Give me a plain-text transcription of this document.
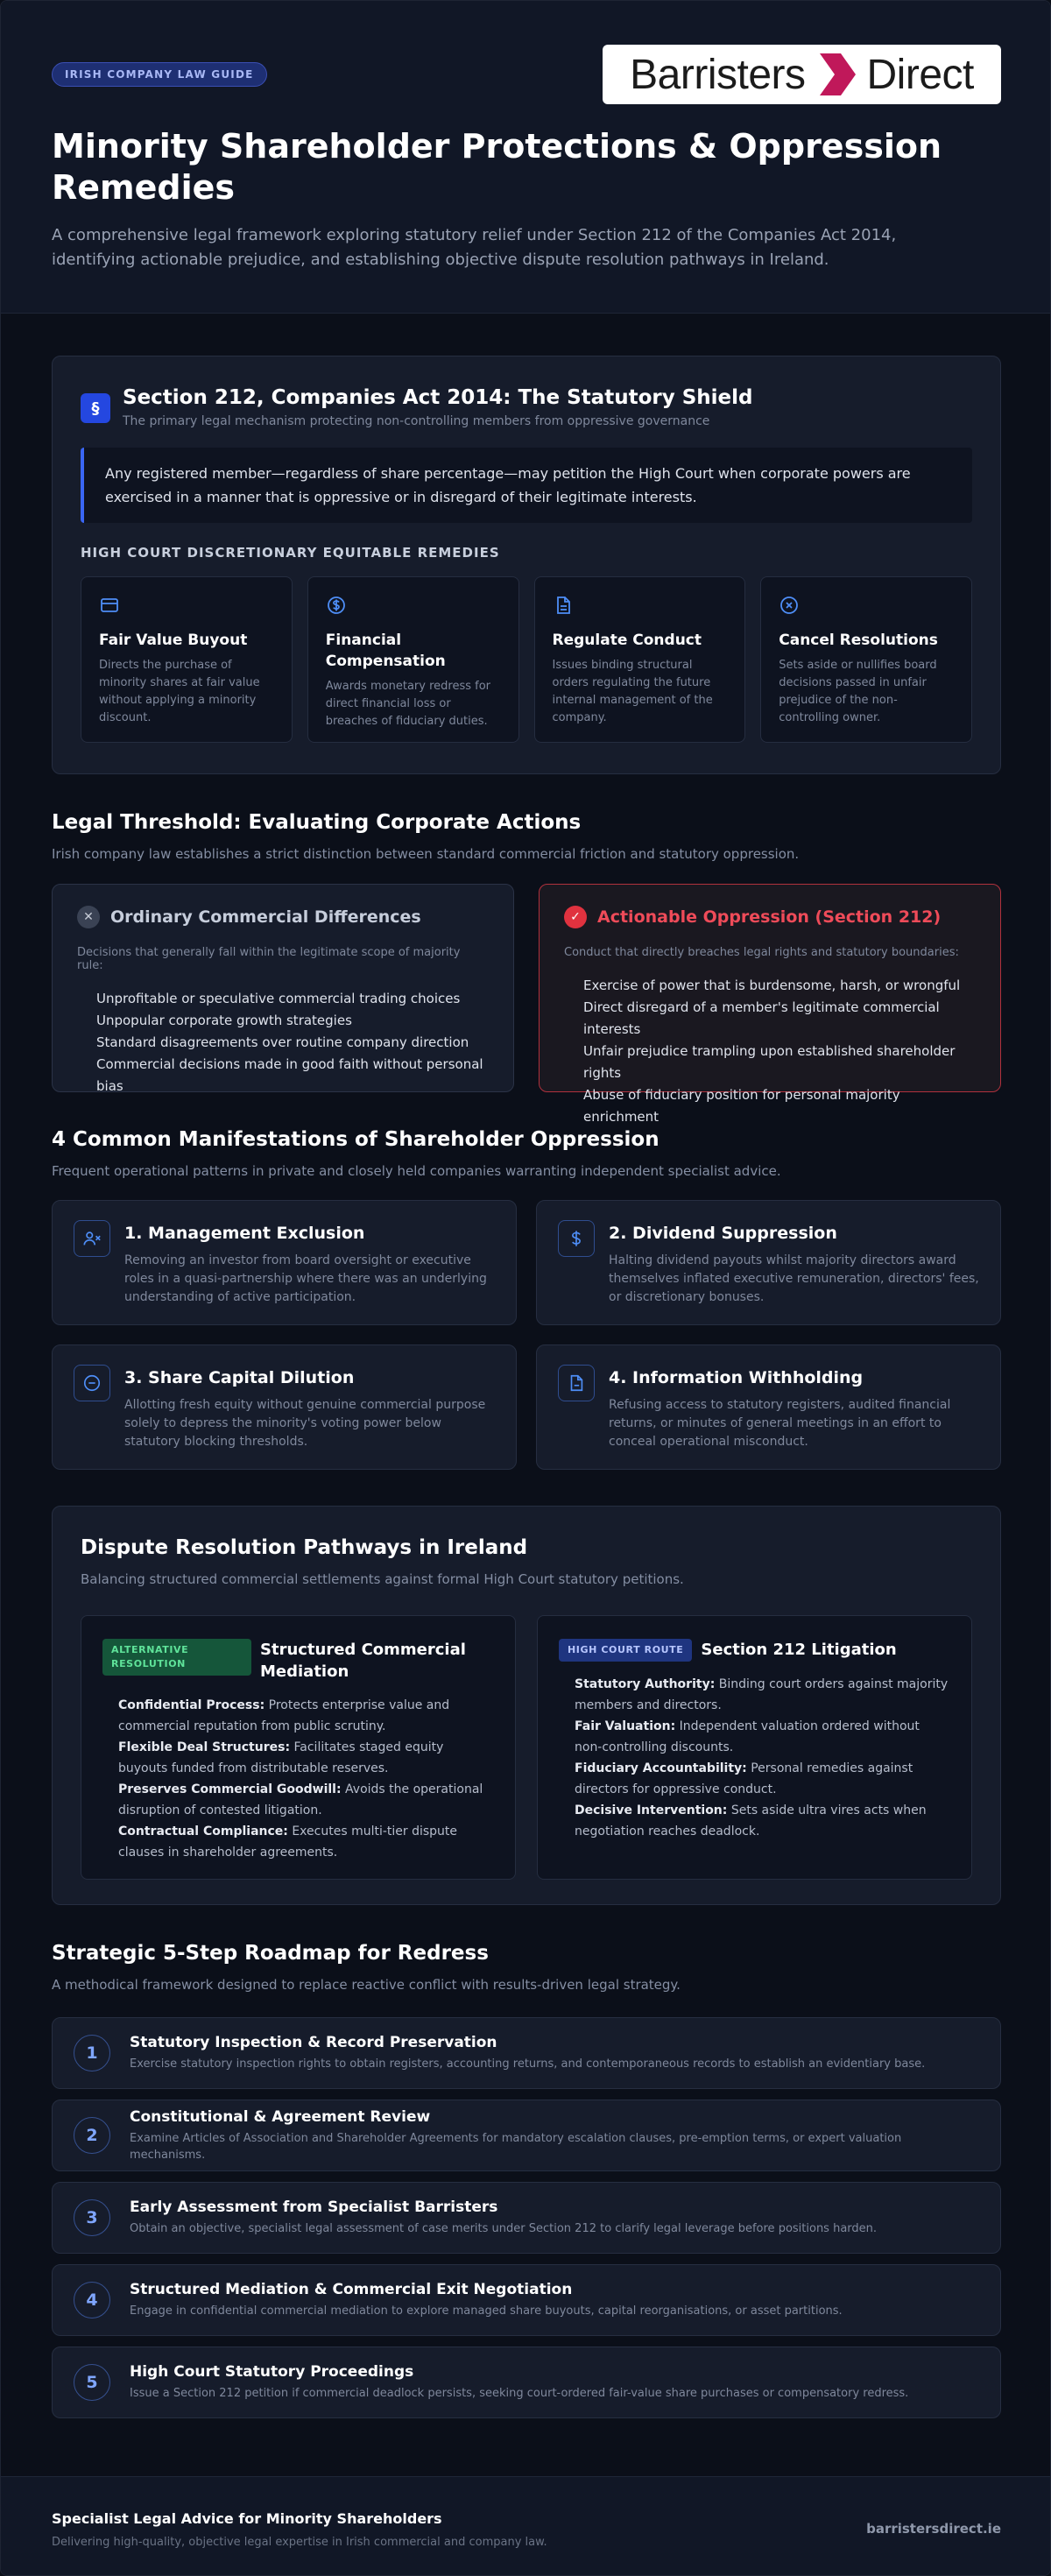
IRISH COMPANY LAW GUIDE	Barristers Direct
Minority Shareholder Protections & Oppression Remedies

A comprehensive legal framework exploring statutory relief under Section 212 of the Companies Act 2014, identifying actionable prejudice, and establishing objective dispute resolution pathways in Ireland.

§	Section 212, Companies Act 2014: The Statutory Shield

The primary legal mechanism protecting non-controlling members from oppressive governance

Any registered member—regardless of share percentage—may petition the High Court when corporate powers are exercised in a manner that is oppressive or in disregard of their legitimate interests.
HIGH COURT DISCRETIONARY EQUITABLE REMEDIES
Fair Value Buyout
Directs the purchase of minority shares at fair value without applying a minority discount.
Financial Compensation
Awards monetary redress for direct financial loss or breaches of fiduciary duties.
Regulate Conduct
Issues binding structural orders regulating the future internal management of the company.
Cancel Resolutions
Sets aside or nullifies board decisions passed in unfair prejudice of the non-controlling owner.
Legal Threshold: Evaluating Corporate Actions

Irish company law establishes a strict distinction between standard commercial friction and statutory oppression.

✕	Ordinary Commercial Differences

Decisions that generally fall within the legitimate scope of majority rule:

Unprofitable or speculative commercial trading choices
Unpopular corporate growth strategies
Standard disagreements over routine company direction
Commercial decisions made in good faith without personal bias
✓	Actionable Oppression (Section 212)

Conduct that directly breaches legal rights and statutory boundaries:

Exercise of power that is burdensome, harsh, or wrongful
Direct disregard of a member's legitimate commercial interests
Unfair prejudice trampling upon established shareholder rights
Abuse of fiduciary position for personal majority enrichment
4 Common Manifestations of Shareholder Oppression

Frequent operational patterns in private and closely held companies warranting independent specialist advice.

1. Management Exclusion

Removing an investor from board oversight or executive roles in a quasi-partnership where there was an underlying understanding of active participation.

2. Dividend Suppression

Halting dividend payouts whilst majority directors award themselves inflated executive remuneration, directors' fees, or discretionary bonuses.

3. Share Capital Dilution

Allotting fresh equity without genuine commercial purpose solely to depress the minority's voting power below statutory blocking thresholds.

4. Information Withholding

Refusing access to statutory registers, audited financial returns, or minutes of general meetings in an effort to conceal operational misconduct.

Dispute Resolution Pathways in Ireland

Balancing structured commercial settlements against formal High Court statutory petitions.

ALTERNATIVE RESOLUTION
Structured Commercial Mediation

Confidential Process: Protects enterprise value and commercial reputation from public scrutiny.

Flexible Deal Structures: Facilitates staged equity buyouts funded from distributable reserves.

Preserves Commercial Goodwill: Avoids the operational disruption of contested litigation.

Contractual Compliance: Executes multi-tier dispute clauses in shareholder agreements.

HIGH COURT ROUTE	Section 212 Litigation

Statutory Authority: Binding court orders against majority members and directors.

Fair Valuation: Independent valuation ordered without non-controlling discounts.

Fiduciary Accountability: Personal remedies against directors for oppressive conduct.

Decisive Intervention: Sets aside ultra vires acts when negotiation reaches deadlock.

Strategic 5-Step Roadmap for Redress

A methodical framework designed to replace reactive conflict with results-driven legal strategy.

1
Statutory Inspection & Record Preservation
Exercise statutory inspection rights to obtain registers, accounting returns, and contemporaneous records to establish an evidentiary base.
2
Constitutional & Agreement Review
Examine Articles of Association and Shareholder Agreements for mandatory escalation clauses, pre-emption terms, or expert valuation mechanisms.
3
Early Assessment from Specialist Barristers
Obtain an objective, specialist legal assessment of case merits under Section 212 to clarify legal leverage before positions harden.
4
Structured Mediation & Commercial Exit Negotiation
Engage in confidential commercial mediation to explore managed share buyouts, capital reorganisations, or asset partitions.
5
High Court Statutory Proceedings
Issue a Section 212 petition if commercial deadlock persists, seeking court-ordered fair-value share purchases or compensatory redress.
Specialist Legal Advice for Minority Shareholders
Delivering high-quality, objective legal expertise in Irish commercial and company law.
barristersdirect.ie
